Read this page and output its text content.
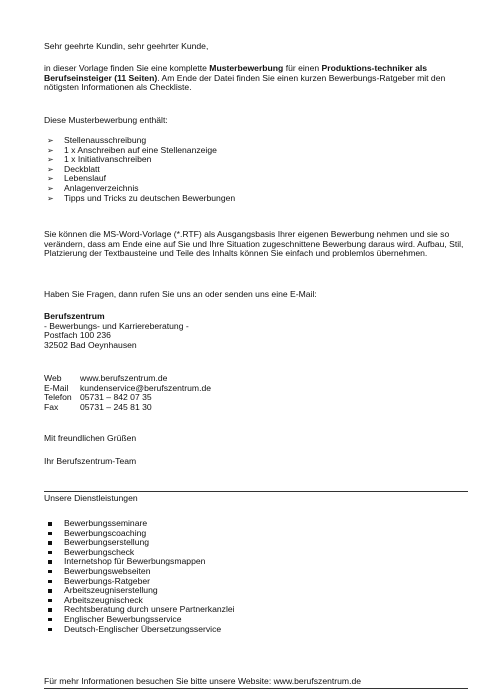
Sehr geehrte Kundin, sehr geehrter Kunde,

in dieser Vorlage finden Sie eine komplette Musterbewerbung für einen Produktions-techniker als Berufseinsteiger (11 Seiten). Am Ende der Datei finden Sie einen kurzen Bewerbungs-Ratgeber mit den nötigsten Informationen als Checkliste.

Diese Musterbewerbung enthält:

➢ Stellenausschreibung
➢ 1 x Anschreiben auf eine Stellenanzeige
➢ 1 x Initiativanschreiben
➢ Deckblatt
➢ Lebenslauf
➢ Anlagenverzeichnis
➢ Tipps und Tricks zu deutschen Bewerbungen

Sie können die MS-Word-Vorlage (*.RTF) als Ausgangsbasis Ihrer eigenen Bewerbung nehmen und sie so verändern, dass am Ende eine auf Sie und Ihre Situation zugeschnittene Bewerbung daraus wird. Aufbau, Stil, Platzierung der Textbausteine und Teile des Inhalts können Sie einfach und problemlos übernehmen.

Haben Sie Fragen, dann rufen Sie uns an oder senden uns eine E-Mail:

Berufszentrum

- Bewerbungs- und Karriereberatung -

Postfach 100 236

32502 Bad Oeynhausen

Web	www.berufszentrum.de
E-Mail	kundenservice@berufszentrum.de
Telefon 05731 – 842 07 35
Fax	05731 – 245 81 30

Mit freundlichen Grüßen

Ihr Berufszentrum-Team

Unsere Dienstleistungen

Bewerbungsseminare
Bewerbungscoaching
Bewerbungserstellung
Bewerbungscheck
Internetshop für Bewerbungsmappen
Bewerbungswebseiten
Bewerbungs-Ratgeber
Arbeitszeugniserstellung
Arbeitszeugnischeck
Rechtsberatung durch unsere Partnerkanzlei
Englischer Bewerbungsservice
Deutsch-Englischer Übersetzungsservice

Für mehr Informationen besuchen Sie bitte unsere Website: www.berufszentrum.de
